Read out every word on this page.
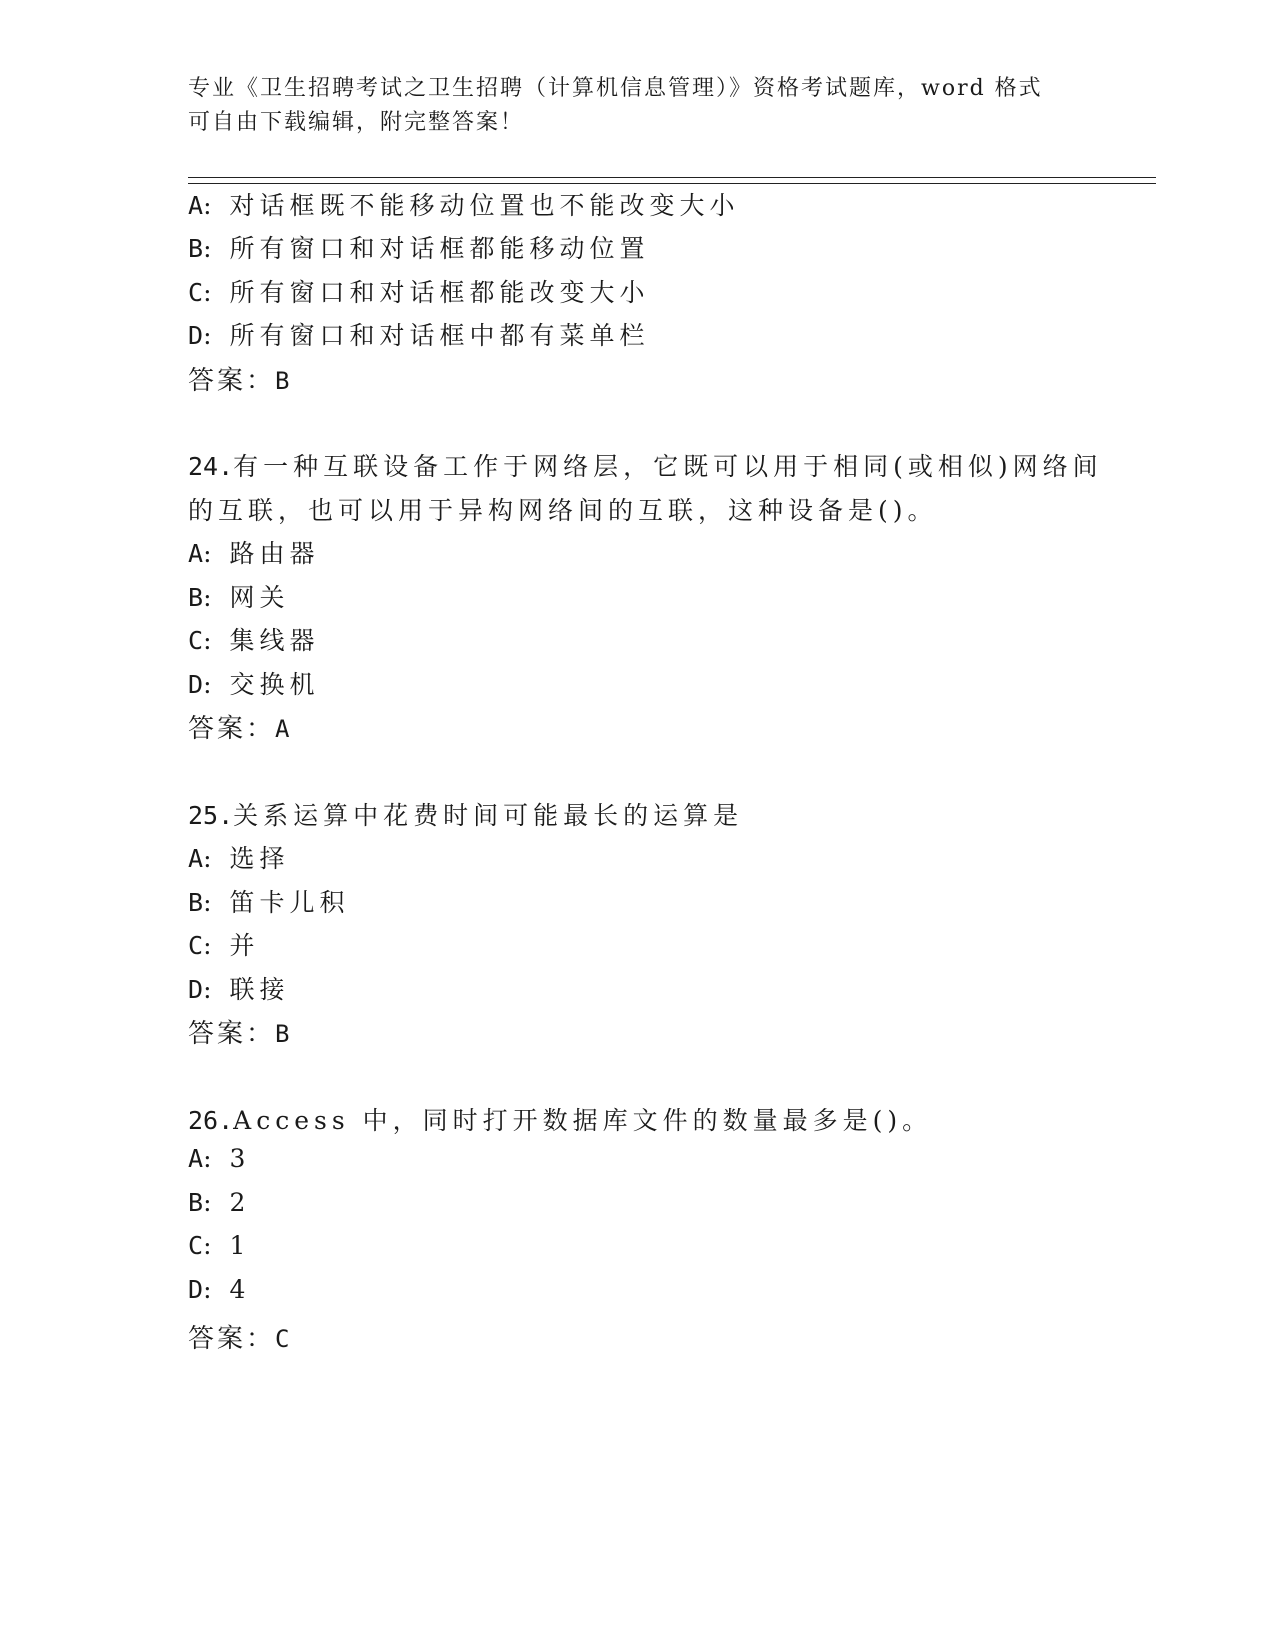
专业《卫生招聘考试之卫生招聘（计算机信息管理）》资格考试题库，word 格式
可自由下载编辑，附完整答案！
A: 对话框既不能移动位置也不能改变大小
B: 所有窗口和对话框都能移动位置
C: 所有窗口和对话框都能改变大小
D: 所有窗口和对话框中都有菜单栏
答案：B
24.有一种互联设备工作于网络层，它既可以用于相同(或相似)网络间
的互联，也可以用于异构网络间的互联，这种设备是()。
A: 路由器
B: 网关
C: 集线器
D: 交换机
答案：A
25.关系运算中花费时间可能最长的运算是
A: 选择
B: 笛卡儿积
C: 并
D: 联接
答案：B
26.Access 中，同时打开数据库文件的数量最多是()。
A: 3
B: 2
C: 1
D: 4
答案：C
